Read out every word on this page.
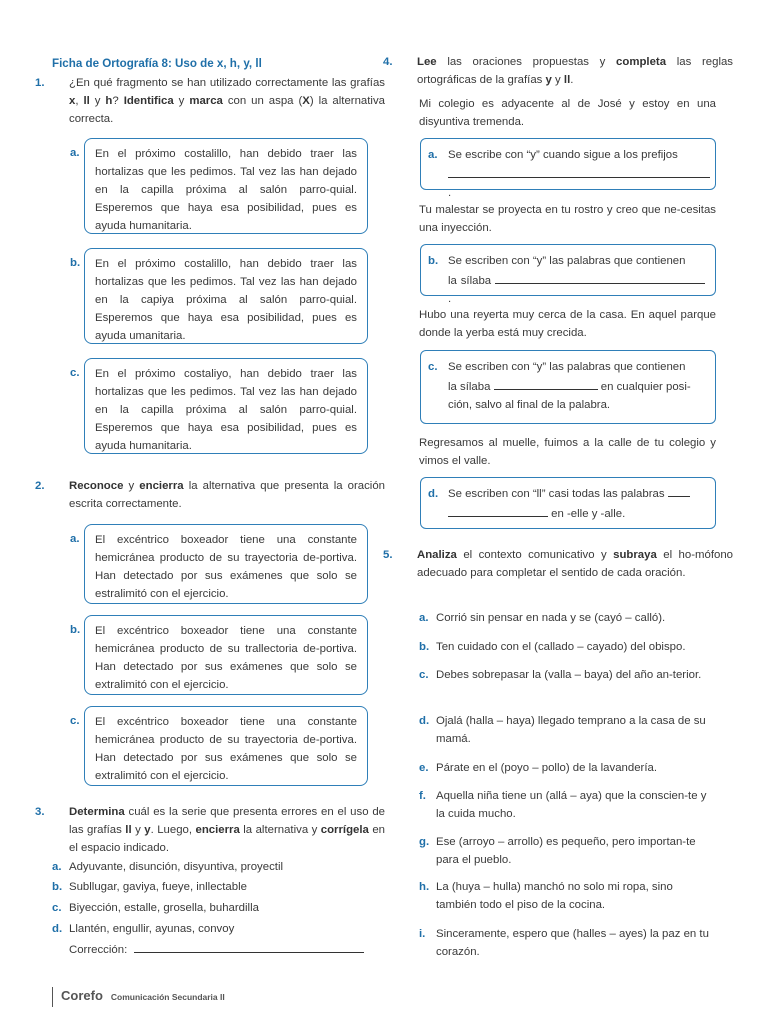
Ficha de Ortografía 8: Uso de x, h, y, ll
1. ¿En qué fragmento se han utilizado correctamente las grafías x, ll y h? Identifica y marca con un aspa (X) la alternativa correcta.
a.	En el próximo costalillo, han debido traer las hortalizas que les pedimos. Tal vez las han dejado en la capilla próxima al salón parro-quial. Esperemos que haya esa posibilidad, pues es ayuda humanitaria.
b.	En el próximo costalillo, han debido traer las hortalizas que les pedimos. Tal vez las han dejado en la capiya próxima al salón parro-quial. Esperemos que haya esa posibilidad, pues es ayuda umanitaria.
c.	En el próximo costaliyo, han debido traer las hortalizas que les pedimos. Tal vez las han dejado en la capilla próxima al salón parro-quial. Esperemos que haya esa posibilidad, pues es ayuda humanitaria.
2. Reconoce y encierra la alternativa que presenta la oración escrita correctamente.
a.	El excéntrico boxeador tiene una constante hemicránea producto de su trayectoria de-portiva. Han detectado por sus exámenes que solo se estralimitó con el ejercicio.
b.	El excéntrico boxeador tiene una constante hemicránea producto de su trallectoria de-portiva. Han detectado por sus exámenes que solo se extralimitó con el ejercicio.
c.	El excéntrico boxeador tiene una constante hemicránea producto de su trayectoria de-portiva. Han detectado por sus exámenes que solo se extralimitó con el ejercicio.
3. Determina cuál es la serie que presenta errores en el uso de las grafías ll y y. Luego, encierra la alternativa y corrígela en el espacio indicado.
a. Adyuvante, disunción, disyuntiva, proyectil
b. Subllugar, gaviya, fueye, inllectable
c. Biyección, estalle, grosella, buhardilla
d. Llantén, engullir, ayunas, convoy
Corrección:
4. Lee las oraciones propuestas y completa las reglas ortográficas de la grafías y y ll.
Mi colegio es adyacente al de José y estoy en una disyuntiva tremenda.
a. Se escribe con “y” cuando sigue a los prefijos
.
Tu malestar se proyecta en tu rostro y creo que ne-cesitas una inyección.
b. Se escriben con “y” las palabras que contienen
la sílaba .
Hubo una reyerta muy cerca de la casa. En aquel parque donde la yerba está muy crecida.
c. Se escriben con “y” las palabras que contienen
la sílaba	en cualquier posi-
ción, salvo al final de la palabra.
Regresamos al muelle, fuimos a la calle de tu colegio y vimos el valle.
d. Se escriben con “ll” casi todas las palabras
en -elle y -alle.
5. Analiza el contexto comunicativo y subraya el ho-mófono adecuado para completar el sentido de cada oración.
a. Corrió sin pensar en nada y se (cayó – calló).
b. Ten cuidado con el (callado – cayado) del obispo.
c. Debes sobrepasar la (valla – baya) del año an-terior.
d. Ojalá (halla – haya) llegado temprano a la casa de su mamá.
e. Párate en el (poyo – pollo) de la lavandería.
f. Aquella niña tiene un (allá – aya) que la conscien-te y la cuida mucho.
g. Ese (arroyo – arrollo) es pequeño, pero importan-te para el pueblo.
h. La (huya – hulla) manchó no solo mi ropa, sino también todo el piso de la cocina.
i. Sinceramente, espero que (halles – ayes) la paz en tu corazón.
Corefo Comunicación Secundaria II
